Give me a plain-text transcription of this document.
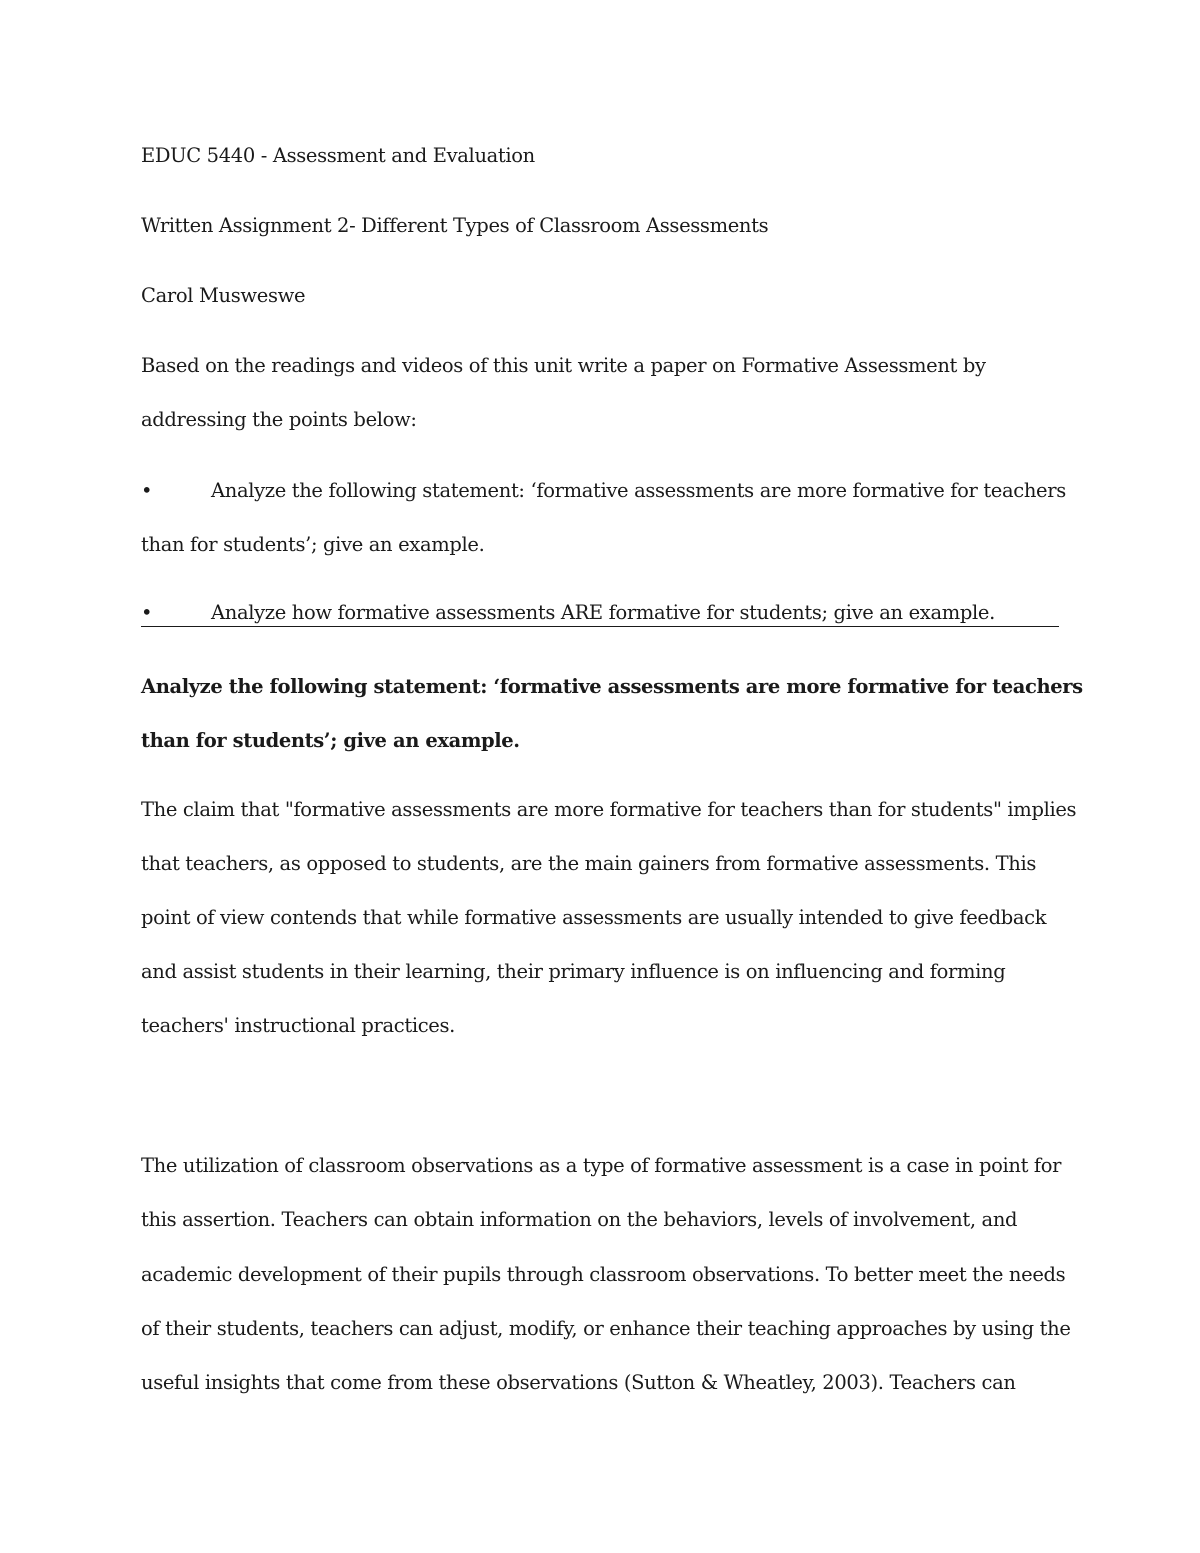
EDUC 5440 - Assessment and Evaluation
Written Assignment 2- Different Types of Classroom Assessments
Carol Musweswe
Based on the readings and videos of this unit write a paper on Formative Assessment by
addressing the points below:
•	Analyze the following statement: ‘formative assessments are more formative for teachers
than for students’; give an example.
•	Analyze how formative assessments ARE formative for students; give an example.
Analyze the following statement: ‘formative assessments are more formative for teachers
than for students’; give an example.
The claim that "formative assessments are more formative for teachers than for students" implies
that teachers, as opposed to students, are the main gainers from formative assessments. This
point of view contends that while formative assessments are usually intended to give feedback
and assist students in their learning, their primary influence is on influencing and forming
teachers' instructional practices.
The utilization of classroom observations as a type of formative assessment is a case in point for
this assertion. Teachers can obtain information on the behaviors, levels of involvement, and
academic development of their pupils through classroom observations. To better meet the needs
of their students, teachers can adjust, modify, or enhance their teaching approaches by using the
useful insights that come from these observations (Sutton & Wheatley, 2003). Teachers can
